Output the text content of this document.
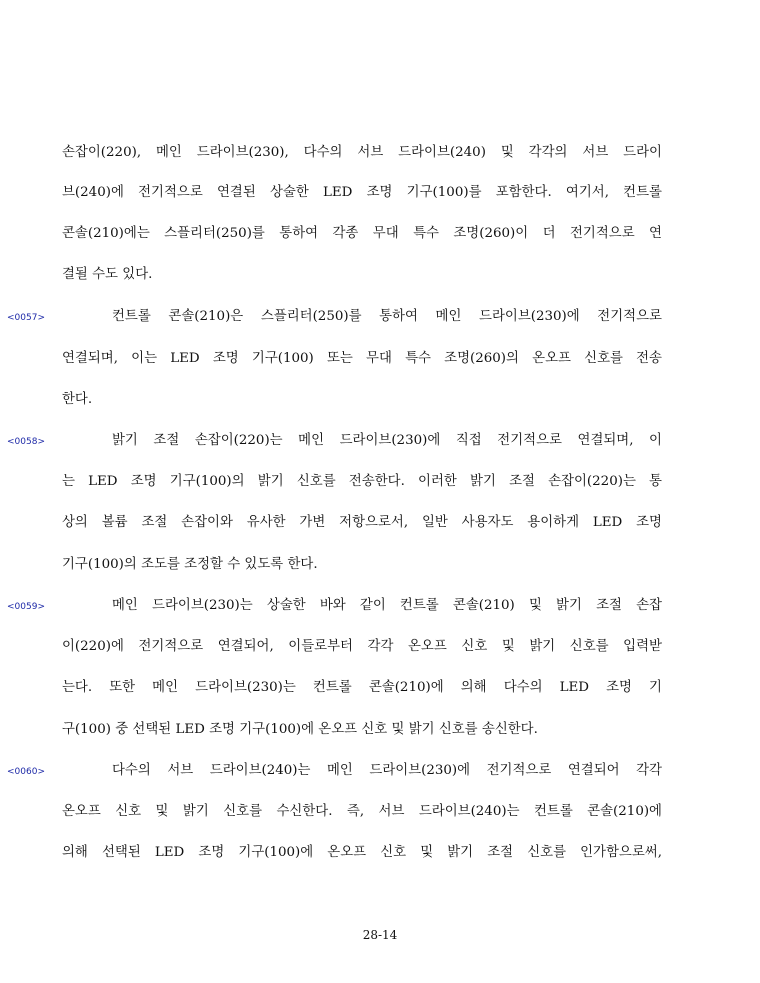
손잡이(220), 메인 드라이브(230), 다수의 서브 드라이브(240) 및 각각의 서브 드라이
브(240)에 전기적으로 연결된 상술한 LED 조명 기구(100)를 포함한다. 여기서, 컨트롤
콘솔(210)에는 스플리터(250)를 통하여 각종 무대 특수 조명(260)이 더 전기적으로 연
결될 수도 있다.
<0057>	컨트롤 콘솔(210)은 스플리터(250)를 통하여 메인 드라이브(230)에 전기적으로
연결되며, 이는 LED 조명 기구(100) 또는 무대 특수 조명(260)의 온오프 신호를 전송
한다.
<0058>	밝기 조절 손잡이(220)는 메인 드라이브(230)에 직접 전기적으로 연결되며, 이
는 LED 조명 기구(100)의 밝기 신호를 전송한다. 이러한 밝기 조절 손잡이(220)는 통
상의 볼륨 조절 손잡이와 유사한 가변 저항으로서, 일반 사용자도 용이하게 LED 조명
기구(100)의 조도를 조정할 수 있도록 한다.
<0059>	메인 드라이브(230)는 상술한 바와 같이 컨트롤 콘솔(210) 및 밝기 조절 손잡
이(220)에 전기적으로 연결되어, 이들로부터 각각 온오프 신호 및 밝기 신호를 입력받
는다. 또한 메인 드라이브(230)는 컨트롤 콘솔(210)에 의해 다수의 LED 조명 기
구(100) 중 선택된 LED 조명 기구(100)에 온오프 신호 및 밝기 신호를 송신한다.
<0060>	다수의 서브 드라이브(240)는 메인 드라이브(230)에 전기적으로 연결되어 각각
온오프 신호 및 밝기 신호를 수신한다. 즉, 서브 드라이브(240)는 컨트롤 콘솔(210)에
의해 선택된 LED 조명 기구(100)에 온오프 신호 및 밝기 조절 신호를 인가함으로써,
28-14
